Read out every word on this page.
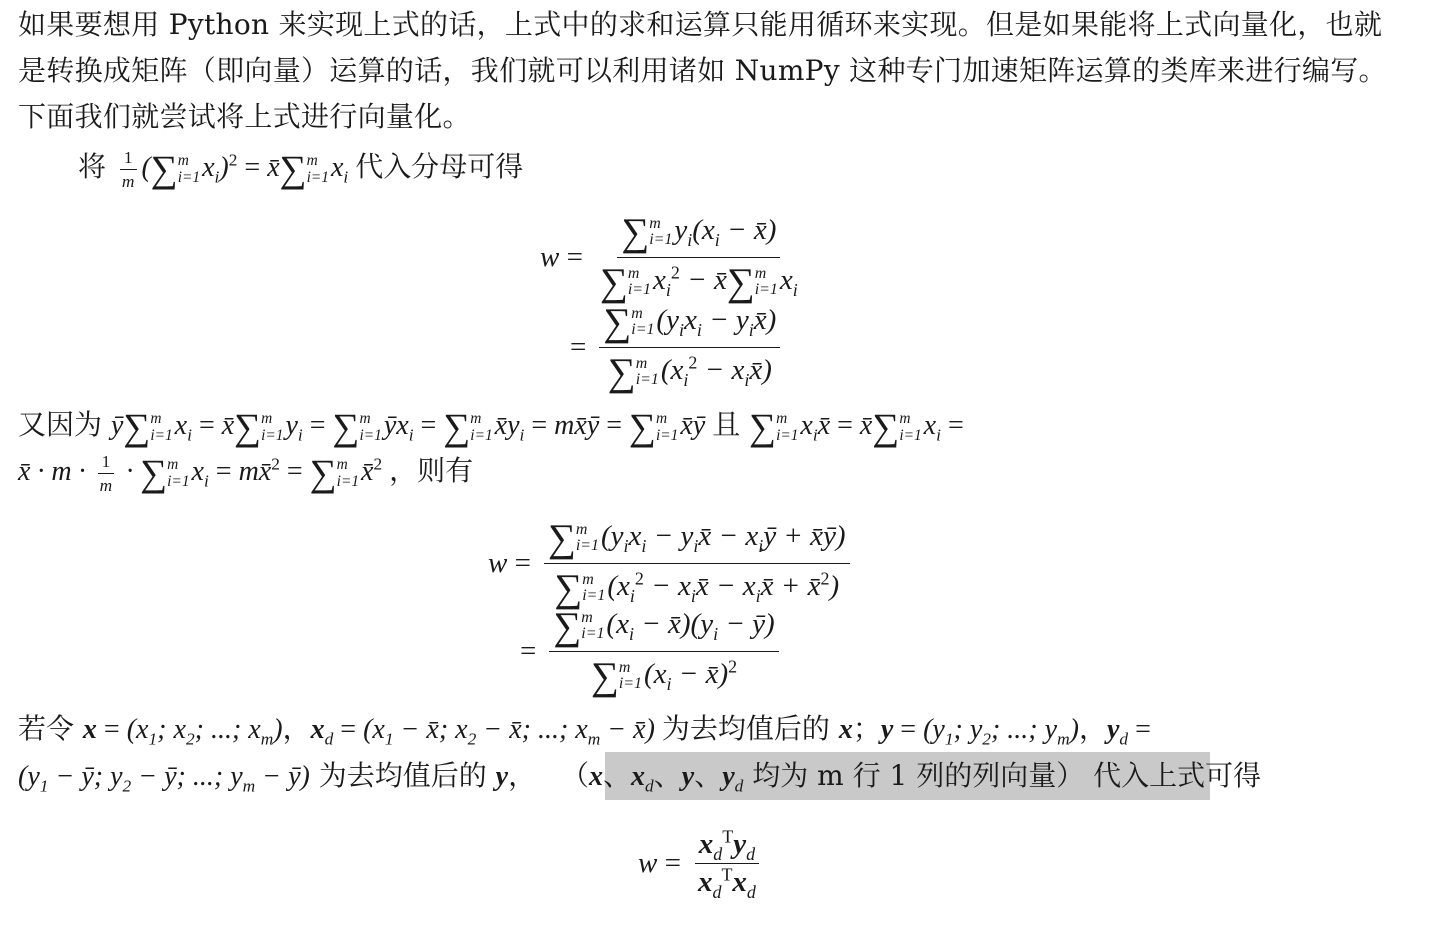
如果要想用 Python 来实现上式的话，上式中的求和运算只能用循环来实现。但是如果能将上式向量化，也就是转换成矩阵（即向量）运算的话，我们就可以利用诸如 NumPy 这种专门加速矩阵运算的类库来进行编写。下面我们就尝试将上式进行向量化。
将 $\frac{1}{m}$ (∑ m
i=1 $x_i)^2$ = x̄∑ m
i=1 $x_i$ 代入分母可得
w = ∑ m
i=1 $y_i(x_i$ − x̄)
∑ m
i=1 $x_i^2$ − x̄∑ m
i=1 $x_i$
= ∑ m
i=1 ($y_ix_i$ − $y_ix̄$)
∑ m
i=1 ($x_i^2$ − $x_ix̄$)
又因为 ȳ∑ m
i=1 $x_i$ = x̄∑ m
i=1 $y_i$ = ∑ m
i=1 $ȳx_i$ = ∑ m
i=1 $x̄y_i$ = mx̄ȳ = ∑ m
i=1 x̄ȳ 且 ∑ m
i=1 $x_ix̄$ = x̄∑ m
i=1 $x_i$ =
x̄ · $m \cdot \frac{1}{m}$ · ∑ m
i=1 $x_i$ = mx̄$^2$ = ∑ m
i=1 x̄$^2$ ，则有
w = ∑ m
i=1 ($y_ix_i$ − $y_ix̄$ − $x_iȳ$ + x̄ȳ)
∑ m
i=1 ($x_i^2$ − $x_ix̄$ − $x_ix̄$ + x̄$^2$)
= ∑ m
i=1 ($x_i$ − $x̄)(y_i$ − ȳ)
∑ m
i=1 ($x_i$ − x̄)$^2$
若令 $x = (x_1$; $x_2$; ...; $x_m$)，$x_d = (x_1$ − x̄; $x_2$ − x̄; ...; $x_m$ − x̄) 为去均值后的 x；$y = (y_1$; $y_2$; ...; $y_m$)，$y_d$ =
($y_1$ − ȳ; $y_2$ − ȳ; ...; $y_m$ − ȳ) 为去均值后的 y， （x、$x_d$、y、$y_d$ 均为 m 行 1 列的列向量） 代入上式可得
$w = \frac{x_d^Ty_d}{x_d^Tx_d}$
